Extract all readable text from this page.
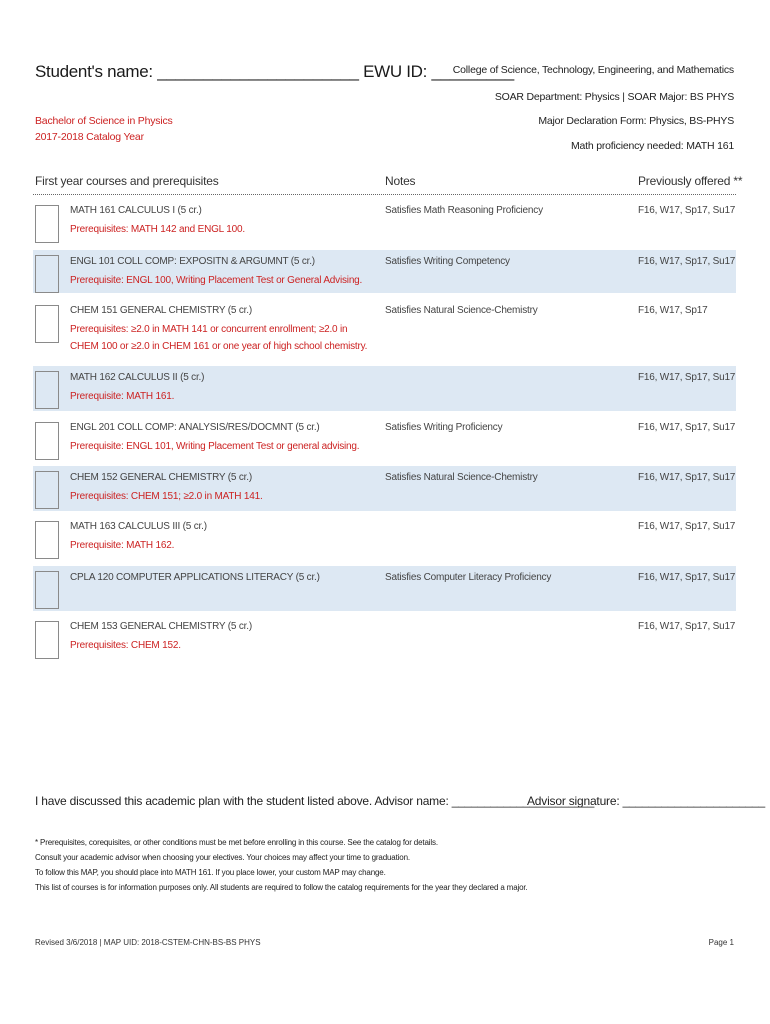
Student's name: ______________________ EWU ID: _________
College of Science, Technology, Engineering, and Mathematics
SOAR Department: Physics | SOAR Major: BS PHYS
Major Declaration Form: Physics, BS-PHYS
Math proficiency needed: MATH 161
Bachelor of Science in Physics
2017-2018 Catalog Year
First year courses and prerequisites	Notes	Previously offered **
MATH 161 CALCULUS I (5 cr.)
Prerequisites: MATH 142 and ENGL 100.
Satisfies Math Reasoning Proficiency	F16, W17, Sp17, Su17
ENGL 101 COLL COMP: EXPOSITN & ARGUMNT (5 cr.)
Prerequisite: ENGL 100, Writing Placement Test or General Advising.
Satisfies Writing Competency	F16, W17, Sp17, Su17
CHEM 151 GENERAL CHEMISTRY (5 cr.)
Prerequisites: ≥2.0 in MATH 141 or concurrent enrollment; ≥2.0 in CHEM 100 or ≥2.0 in CHEM 161 or one year of high school chemistry.
Satisfies Natural Science-Chemistry	F16, W17, Sp17
MATH 162 CALCULUS II (5 cr.)
Prerequisite: MATH 161.
F16, W17, Sp17, Su17
ENGL 201 COLL COMP: ANALYSIS/RES/DOCMNT (5 cr.)
Prerequisite: ENGL 101, Writing Placement Test or general advising.
Satisfies Writing Proficiency	F16, W17, Sp17, Su17
CHEM 152 GENERAL CHEMISTRY (5 cr.)
Prerequisites: CHEM 151; ≥2.0 in MATH 141.
Satisfies Natural Science-Chemistry	F16, W17, Sp17, Su17
MATH 163 CALCULUS III (5 cr.)
Prerequisite: MATH 162.
F16, W17, Sp17, Su17
CPLA 120 COMPUTER APPLICATIONS LITERACY (5 cr.)	Satisfies Computer Literacy Proficiency	F16, W17, Sp17, Su17
CHEM 153 GENERAL CHEMISTRY (5 cr.)
Prerequisites: CHEM 152.
F16, W17, Sp17, Su17
I have discussed this academic plan with the student listed above. Advisor name: ______________________
Advisor signature: ______________________
* Prerequisites, corequisites, or other conditions must be met before enrolling in this course. See the catalog for details.
Consult your academic advisor when choosing your electives. Your choices may affect your time to graduation.
To follow this MAP, you should place into MATH 161. If you place lower, your custom MAP may change.
This list of courses is for information purposes only. All students are required to follow the catalog requirements for the year they declared a major.
Revised 3/6/2018 | MAP UID: 2018-CSTEM-CHN-BS-BS PHYS	Page 1
